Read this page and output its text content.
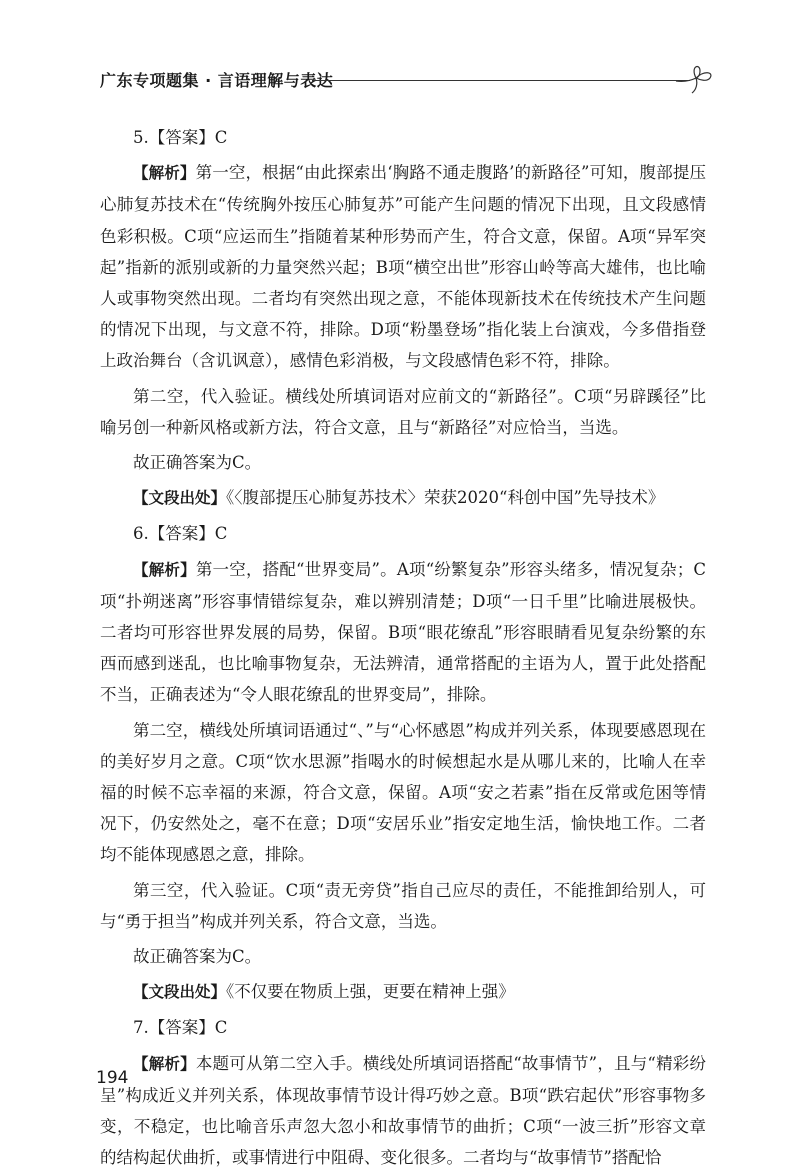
广东专项题集 · 言语理解与表达

5.【答案】C

【解析】第一空，根据“由此探索出‘胸路不通走腹路’的新路径”可知，腹部提压心肺复苏技术在“传统胸外按压心肺复苏”可能产生问题的情况下出现，且文段感情色彩积极。C项“应运而生”指随着某种形势而产生，符合文意，保留。A项“异军突起”指新的派别或新的力量突然兴起；B项“横空出世”形容山岭等高大雄伟，也比喻人或事物突然出现。二者均有突然出现之意，不能体现新技术在传统技术产生问题的情况下出现，与文意不符，排除。D项“粉墨登场”指化装上台演戏，今多借指登上政治舞台（含讥讽意），感情色彩消极，与文段感情色彩不符，排除。

第二空，代入验证。横线处所填词语对应前文的“新路径”。C项“另辟蹊径”比喻另创一种新风格或新方法，符合文意，且与“新路径”对应恰当，当选。

故正确答案为C。

【文段出处】《〈腹部提压心肺复苏技术〉荣获2020“科创中国”先导技术》

6.【答案】C

【解析】第一空，搭配“世界变局”。A项“纷繁复杂”形容头绪多，情况复杂；C项“扑朔迷离”形容事情错综复杂，难以辨别清楚；D项“一日千里”比喻进展极快。二者均可形容世界发展的局势，保留。B项“眼花缭乱”形容眼睛看见复杂纷繁的东西而感到迷乱，也比喻事物复杂，无法辨清，通常搭配的主语为人，置于此处搭配不当，正确表述为“令人眼花缭乱的世界变局”，排除。

第二空，横线处所填词语通过“、”与“心怀感恩”构成并列关系，体现要感恩现在的美好岁月之意。C项“饮水思源”指喝水的时候想起水是从哪儿来的，比喻人在幸福的时候不忘幸福的来源，符合文意，保留。A项“安之若素”指在反常或危困等情况下，仍安然处之，毫不在意；D项“安居乐业”指安定地生活，愉快地工作。二者均不能体现感恩之意，排除。

第三空，代入验证。C项“责无旁贷”指自己应尽的责任，不能推卸给别人，可与“勇于担当”构成并列关系，符合文意，当选。

故正确答案为C。

【文段出处】《不仅要在物质上强，更要在精神上强》

7.【答案】C

【解析】本题可从第二空入手。横线处所填词语搭配“故事情节”，且与“精彩纷呈”构成近义并列关系，体现故事情节设计得巧妙之意。B项“跌宕起伏”形容事物多变，不稳定，也比喻音乐声忽大忽小和故事情节的曲折；C项“一波三折”形容文章的结构起伏曲折，或事情进行中阻碍、变化很多。二者均与“故事情节”搭配恰

194
